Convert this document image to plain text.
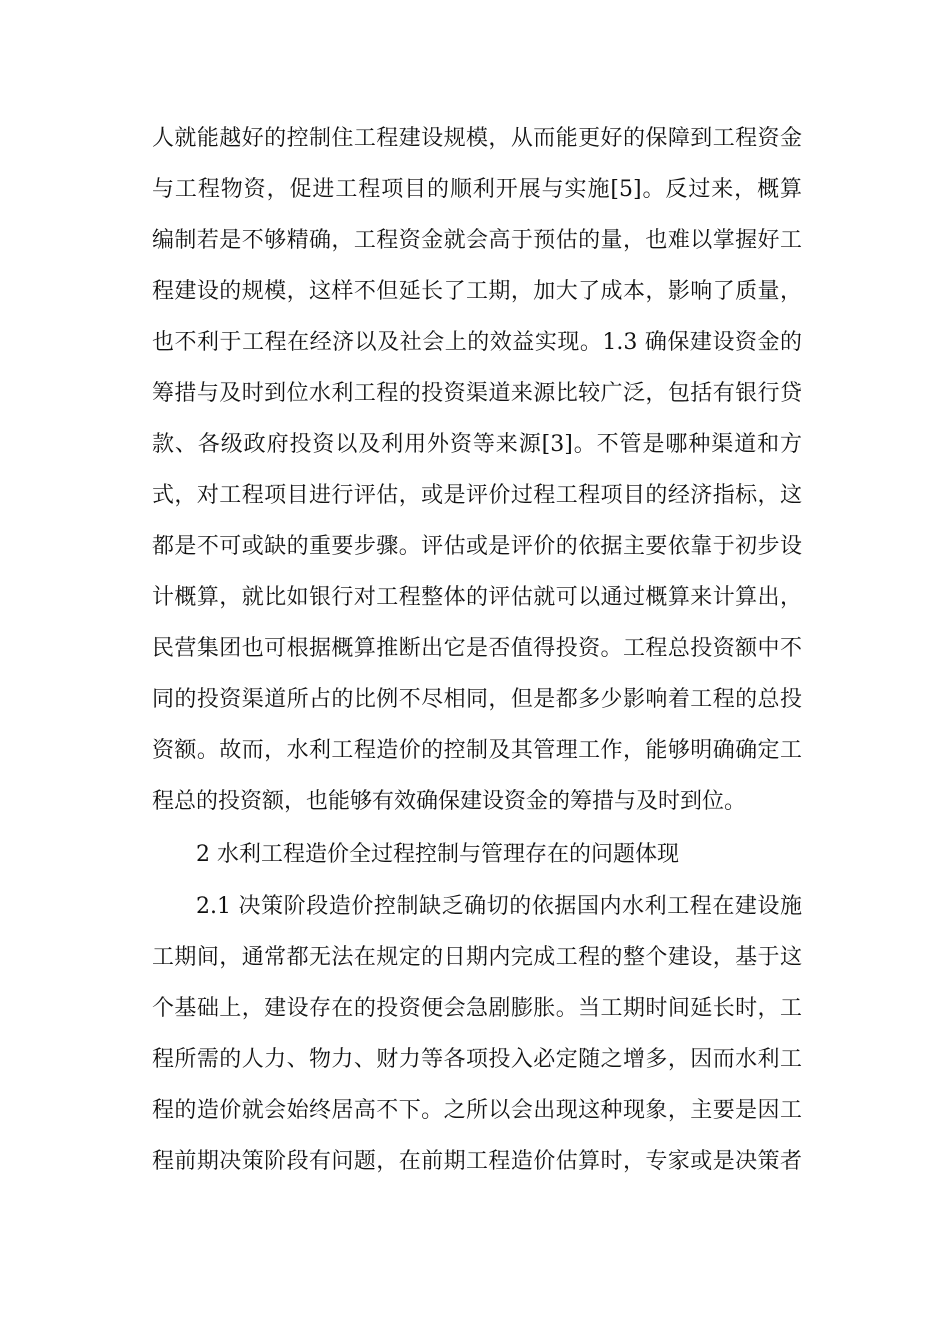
人就能越好的控制住工程建设规模，从而能更好的保障到工程资金
与工程物资，促进工程项目的顺利开展与实施[5]。反过来，概算
编制若是不够精确，工程资金就会高于预估的量，也难以掌握好工
程建设的规模，这样不但延长了工期，加大了成本，影响了质量，
也不利于工程在经济以及社会上的效益实现。1.3 确保建设资金的
筹措与及时到位水利工程的投资渠道来源比较广泛，包括有银行贷
款、各级政府投资以及利用外资等来源[3]。不管是哪种渠道和方
式，对工程项目进行评估，或是评价过程工程项目的经济指标，这
都是不可或缺的重要步骤。评估或是评价的依据主要依靠于初步设
计概算，就比如银行对工程整体的评估就可以通过概算来计算出，
民营集团也可根据概算推断出它是否值得投资。工程总投资额中不
同的投资渠道所占的比例不尽相同，但是都多少影响着工程的总投
资额。故而，水利工程造价的控制及其管理工作，能够明确确定工
程总的投资额，也能够有效确保建设资金的筹措与及时到位。
2 水利工程造价全过程控制与管理存在的问题体现
2.1 决策阶段造价控制缺乏确切的依据国内水利工程在建设施
工期间，通常都无法在规定的日期内完成工程的整个建设，基于这
个基础上，建设存在的投资便会急剧膨胀。当工期时间延长时，工
程所需的人力、物力、财力等各项投入必定随之增多，因而水利工
程的造价就会始终居高不下。之所以会出现这种现象，主要是因工
程前期决策阶段有问题，在前期工程造价估算时，专家或是决策者
